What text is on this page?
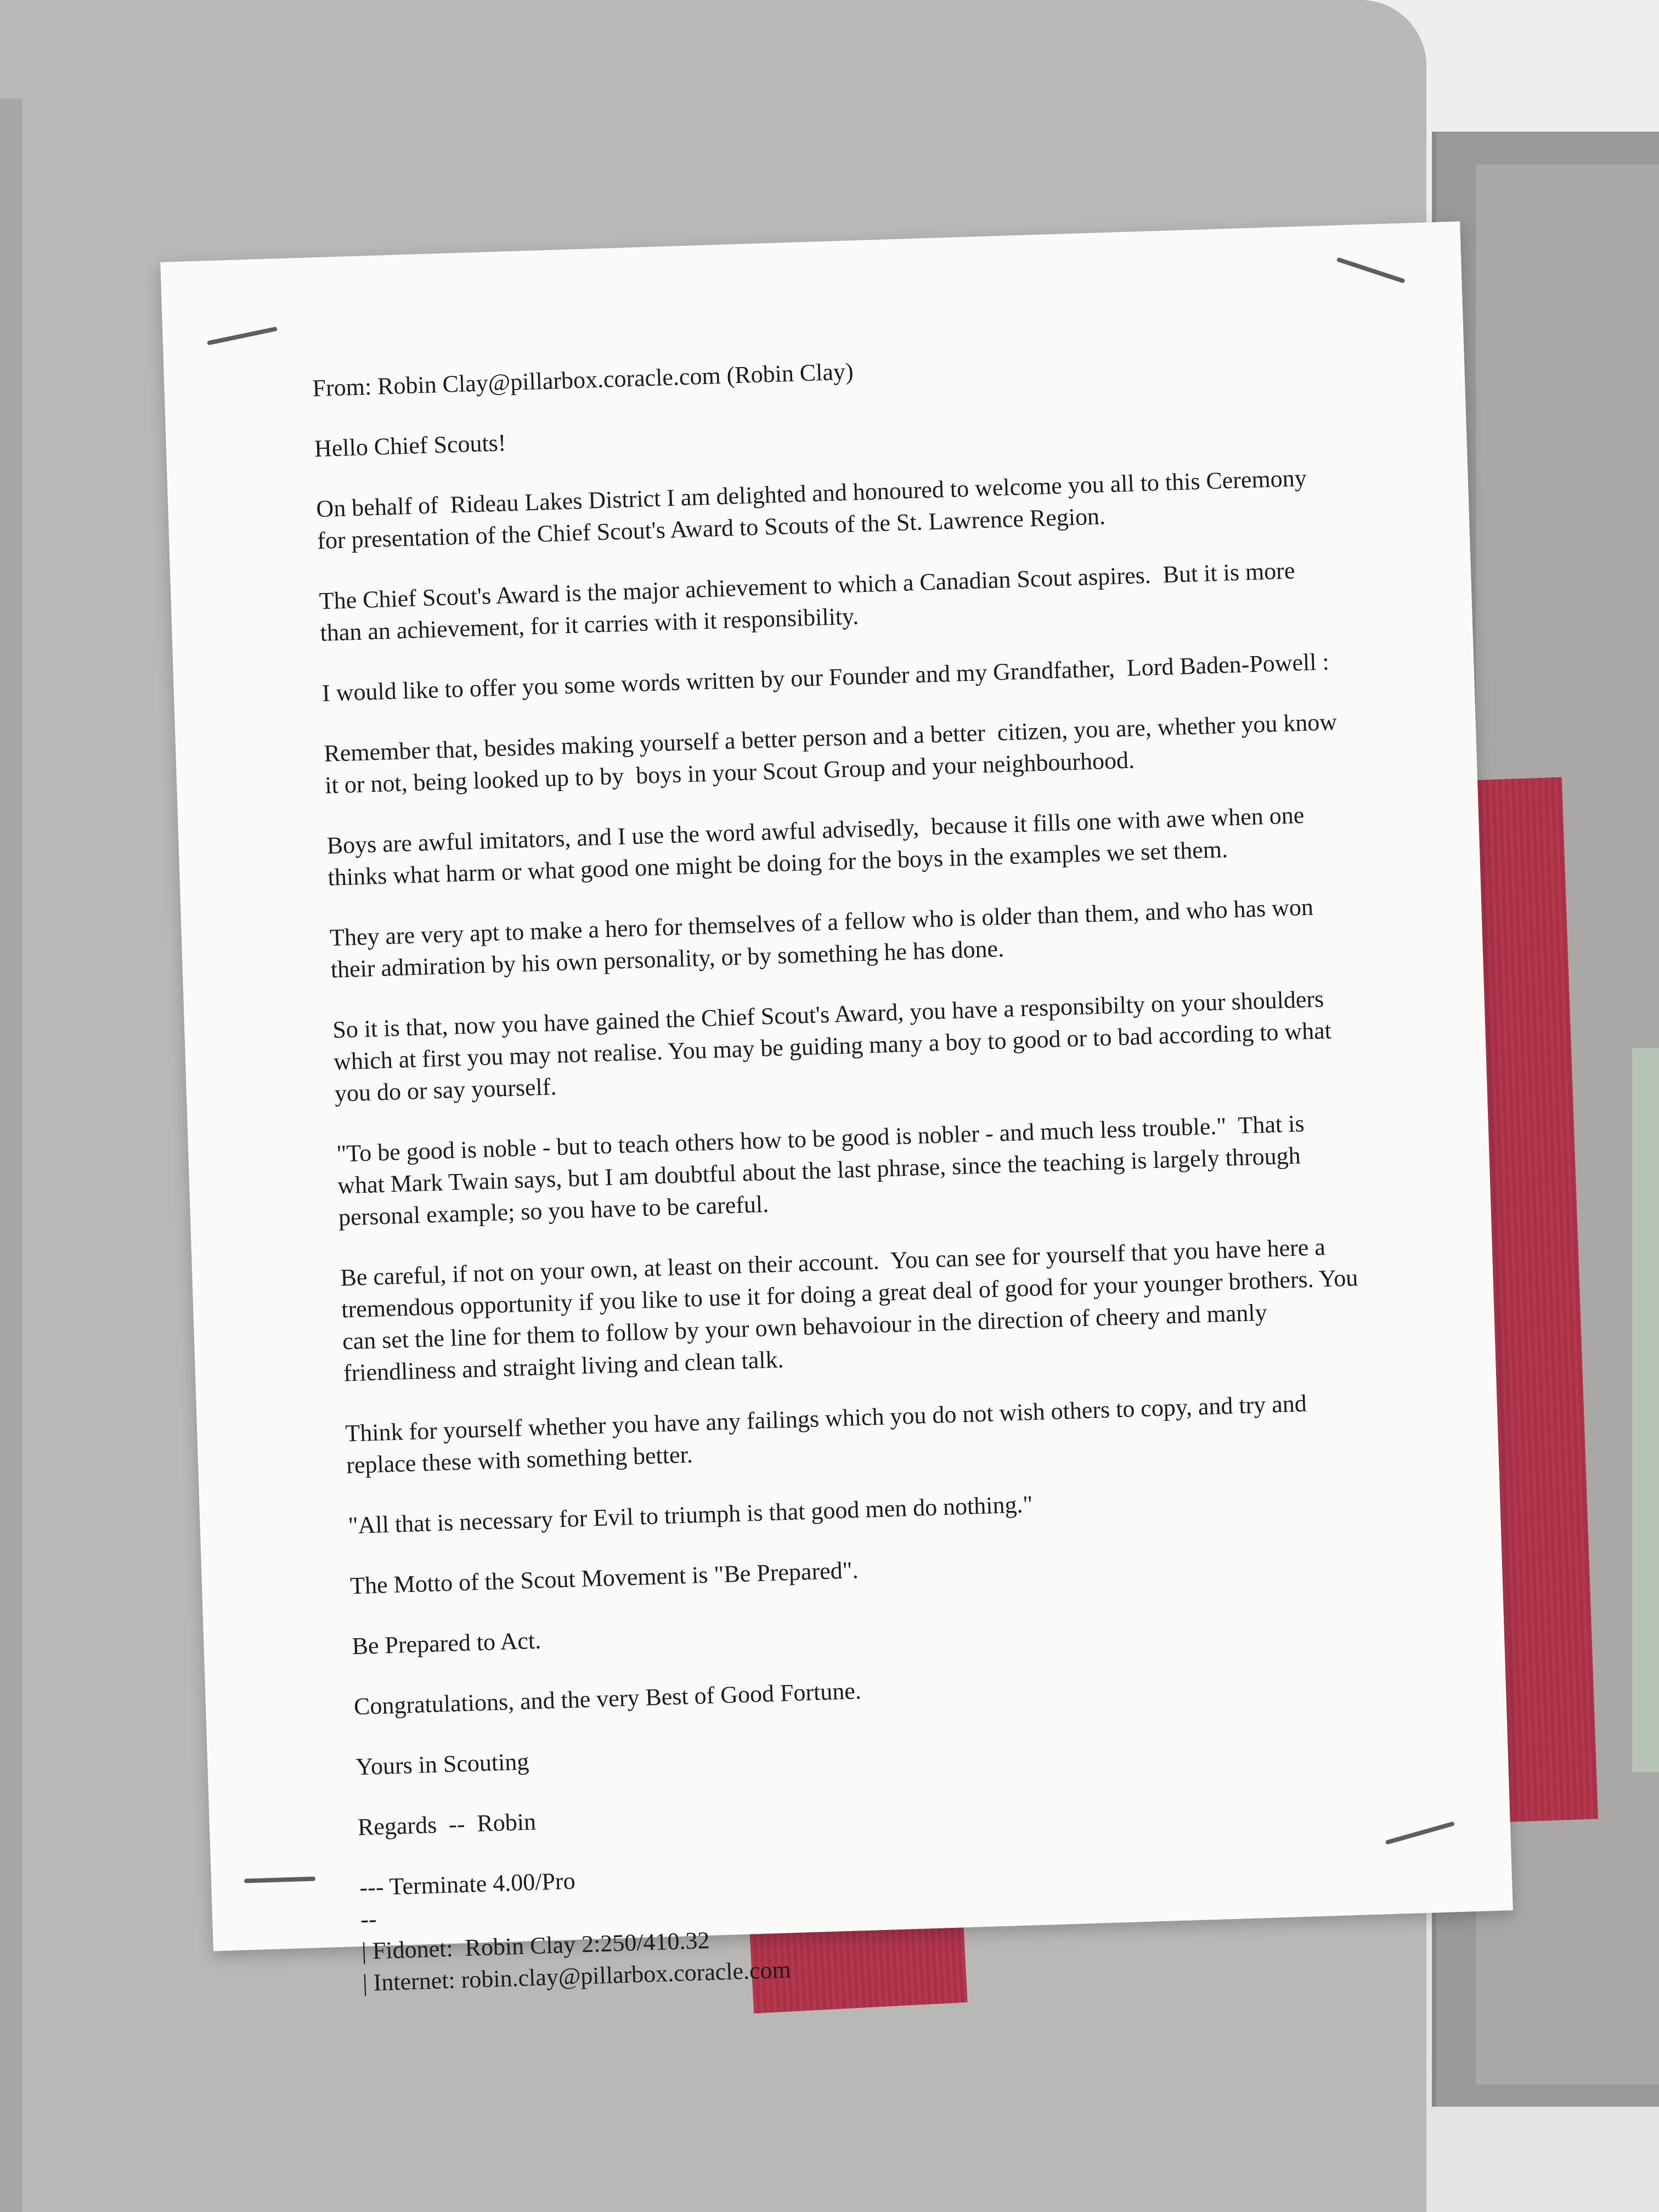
From: Robin Clay@pillarbox.coracle.com (Robin Clay)

Hello Chief Scouts!

On behalf of  Rideau Lakes District I am delighted and honoured to welcome you all to this Ceremony for presentation of the Chief Scout's Award to Scouts of the St. Lawrence Region.

The Chief Scout's Award is the major achievement to which a Canadian Scout aspires.  But it is more than an achievement, for it carries with it responsibility.

I would like to offer you some words written by our Founder and my Grandfather,  Lord Baden-Powell :

Remember that, besides making yourself a better person and a better  citizen, you are, whether you know it or not, being looked up to by  boys in your Scout Group and your neighbourhood.

Boys are awful imitators, and I use the word awful advisedly,  because it fills one with awe when one thinks what harm or what good one might be doing for the boys in the examples we set them.

They are very apt to make a hero for themselves of a fellow who is older than them, and who has won their admiration by his own personality, or by something he has done.

So it is that, now you have gained the Chief Scout's Award, you have a responsibilty on your shoulders which at first you may not realise. You may be guiding many a boy to good or to bad according to what you do or say yourself.

"To be good is noble - but to teach others how to be good is nobler - and much less trouble."  That is what Mark Twain says, but I am doubtful about the last phrase, since the teaching is largely through personal example; so you have to be careful.

Be careful, if not on your own, at least on their account.  You can see for yourself that you have here a tremendous opportunity if you like to use it for doing a great deal of good for your younger brothers. You can set the line for them to follow by your own behavoiour in the direction of cheery and manly friendliness and straight living and clean talk.

Think for yourself whether you have any failings which you do not wish others to copy, and try and replace these with something better.

"All that is necessary for Evil to triumph is that good men do nothing."

The Motto of the Scout Movement is "Be Prepared".

Be Prepared to Act.

Congratulations, and the very Best of Good Fortune.

Yours in Scouting

Regards  --  Robin

--- Terminate 4.00/Pro

--

| Fidonet:  Robin Clay 2:250/410.32

| Internet: robin.clay@pillarbox.coracle.com
